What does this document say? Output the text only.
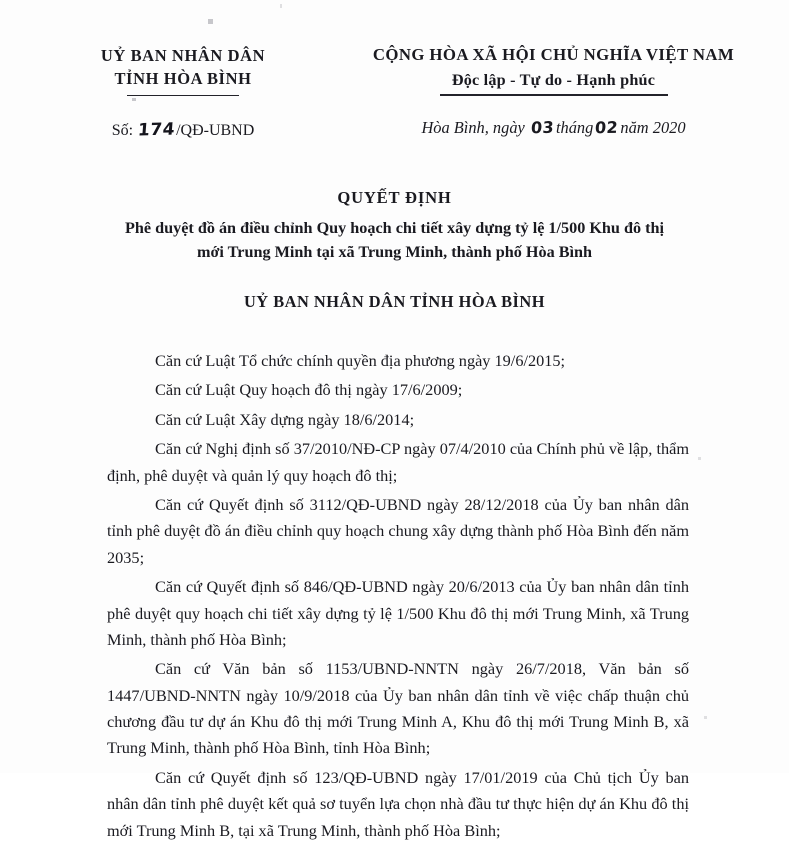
UỶ BAN NHÂN DÂN
TỈNH HÒA BÌNH
Số: 174/QĐ-UBND
CỘNG HÒA XÃ HỘI CHỦ NGHĨA VIỆT NAM
Độc lập - Tự do - Hạnh phúc
Hòa Bình, ngày 03tháng02năm 2020
QUYẾT ĐỊNH
Phê duyệt đồ án điều chỉnh Quy hoạch chi tiết xây dựng tỷ lệ 1/500 Khu đô thị mới Trung Minh tại xã Trung Minh, thành phố Hòa Bình
UỶ BAN NHÂN DÂN TỈNH HÒA BÌNH

Căn cứ Luật Tổ chức chính quyền địa phương ngày 19/6/2015;

Căn cứ Luật Quy hoạch đô thị ngày 17/6/2009;

Căn cứ Luật Xây dựng ngày 18/6/2014;

Căn cứ Nghị định số 37/2010/NĐ-CP ngày 07/4/2010 của Chính phủ về lập, thẩm định, phê duyệt và quản lý quy hoạch đô thị;

Căn cứ Quyết định số 3112/QĐ-UBND ngày 28/12/2018 của Ủy ban nhân dân tỉnh phê duyệt đồ án điều chỉnh quy hoạch chung xây dựng thành phố Hòa Bình đến năm 2035;

Căn cứ Quyết định số 846/QĐ-UBND ngày 20/6/2013 của Ủy ban nhân dân tỉnh phê duyệt quy hoạch chi tiết xây dựng tỷ lệ 1/500 Khu đô thị mới Trung Minh, xã Trung Minh, thành phố Hòa Bình;

Căn cứ Văn bản số 1153/UBND-NNTN ngày 26/7/2018, Văn bản số 1447/UBND-NNTN ngày 10/9/2018 của Ủy ban nhân dân tỉnh về việc chấp thuận chủ chương đầu tư dự án Khu đô thị mới Trung Minh A, Khu đô thị mới Trung Minh B, xã Trung Minh, thành phố Hòa Bình, tỉnh Hòa Bình;

Căn cứ Quyết định số 123/QĐ-UBND ngày 17/01/2019 của Chủ tịch Ủy ban nhân dân tỉnh phê duyệt kết quả sơ tuyển lựa chọn nhà đầu tư thực hiện dự án Khu đô thị mới Trung Minh B, tại xã Trung Minh, thành phố Hòa Bình;
